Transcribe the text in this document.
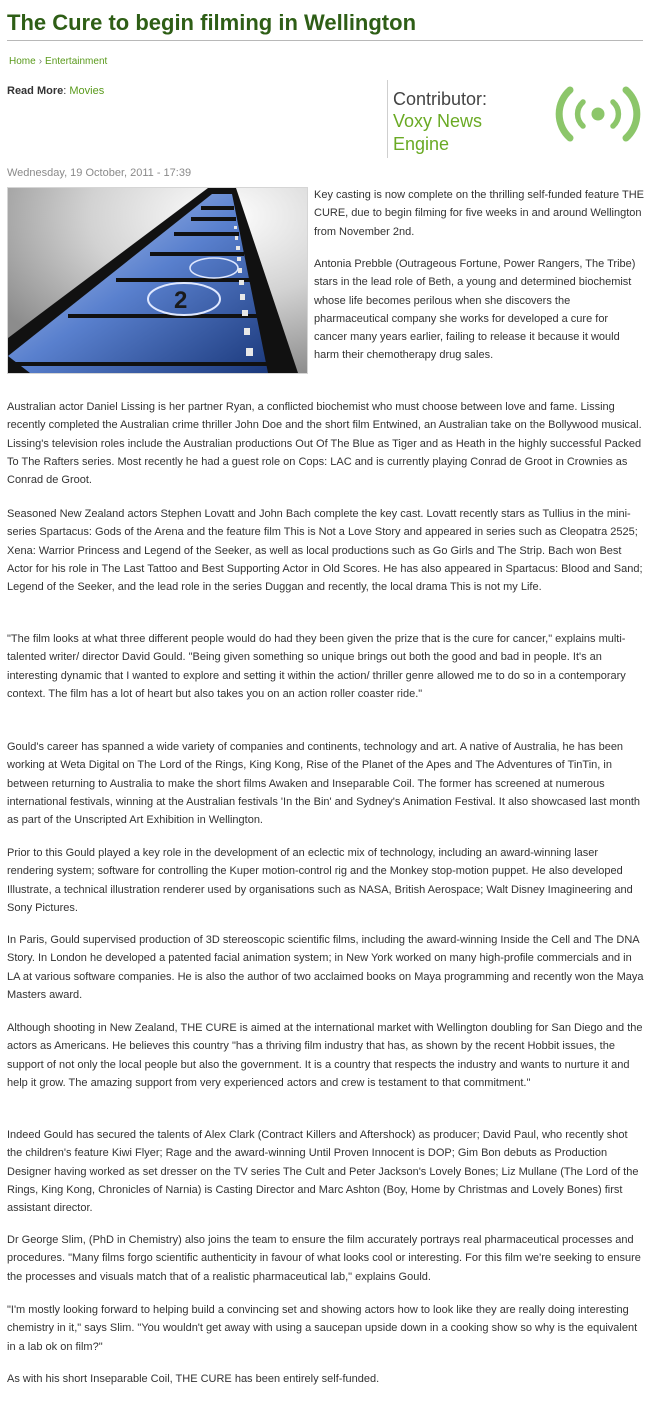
The Cure to begin filming in Wellington
Home › Entertainment
Read More: Movies	Contributor:
Voxy News Engine
Wednesday, 19 October, 2011 - 17:39
2

Key casting is now complete on the thrilling self-funded feature THE CURE, due to begin filming for five weeks in and around Wellington from November 2nd.

Antonia Prebble (Outrageous Fortune, Power Rangers, The Tribe) stars in the lead role of Beth, a young and determined biochemist whose life becomes perilous when she discovers the pharmaceutical company she works for developed a cure for cancer many years earlier, failing to release it because it would harm their chemotherapy drug sales.

Australian actor Daniel Lissing is her partner Ryan, a conflicted biochemist who must choose between love and fame. Lissing recently completed the Australian crime thriller John Doe and the short film Entwined, an Australian take on the Bollywood musical. Lissing's television roles include the Australian productions Out Of The Blue as Tiger and as Heath in the highly successful Packed To The Rafters series. Most recently he had a guest role on Cops: LAC and is currently playing Conrad de Groot in Crownies as Conrad de Groot.

Seasoned New Zealand actors Stephen Lovatt and John Bach complete the key cast. Lovatt recently stars as Tullius in the mini-series Spartacus: Gods of the Arena and the feature film This is Not a Love Story and appeared in series such as Cleopatra 2525; Xena: Warrior Princess and Legend of the Seeker, as well as local productions such as Go Girls and The Strip. Bach won Best Actor for his role in The Last Tattoo and Best Supporting Actor in Old Scores. He has also appeared in Spartacus: Blood and Sand; Legend of the Seeker, and the lead role in the series Duggan and recently, the local drama This is not my Life.

"The film looks at what three different people would do had they been given the prize that is the cure for cancer," explains multi-talented writer/ director David Gould. "Being given something so unique brings out both the good and bad in people. It's an interesting dynamic that I wanted to explore and setting it within the action/ thriller genre allowed me to do so in a contemporary context. The film has a lot of heart but also takes you on an action roller coaster ride."

Gould's career has spanned a wide variety of companies and continents, technology and art. A native of Australia, he has been working at Weta Digital on The Lord of the Rings, King Kong, Rise of the Planet of the Apes and The Adventures of TinTin, in between returning to Australia to make the short films Awaken and Inseparable Coil. The former has screened at numerous international festivals, winning at the Australian festivals 'In the Bin' and Sydney's Animation Festival. It also showcased last month as part of the Unscripted Art Exhibition in Wellington.

Prior to this Gould played a key role in the development of an eclectic mix of technology, including an award-winning laser rendering system; software for controlling the Kuper motion-control rig and the Monkey stop-motion puppet. He also developed Illustrate, a technical illustration renderer used by organisations such as NASA, British Aerospace; Walt Disney Imagineering and Sony Pictures.

In Paris, Gould supervised production of 3D stereoscopic scientific films, including the award-winning Inside the Cell and The DNA Story. In London he developed a patented facial animation system; in New York worked on many high-profile commercials and in LA at various software companies. He is also the author of two acclaimed books on Maya programming and recently won the Maya Masters award.

Although shooting in New Zealand, THE CURE is aimed at the international market with Wellington doubling for San Diego and the actors as Americans. He believes this country "has a thriving film industry that has, as shown by the recent Hobbit issues, the support of not only the local people but also the government. It is a country that respects the industry and wants to nurture it and help it grow. The amazing support from very experienced actors and crew is testament to that commitment."

Indeed Gould has secured the talents of Alex Clark (Contract Killers and Aftershock) as producer; David Paul, who recently shot the children's feature Kiwi Flyer; Rage and the award-winning Until Proven Innocent is DOP; Gim Bon debuts as Production Designer having worked as set dresser on the TV series The Cult and Peter Jackson's Lovely Bones; Liz Mullane (The Lord of the Rings, King Kong, Chronicles of Narnia) is Casting Director and Marc Ashton (Boy, Home by Christmas and Lovely Bones) first assistant director.

Dr George Slim, (PhD in Chemistry) also joins the team to ensure the film accurately portrays real pharmaceutical processes and procedures. "Many films forgo scientific authenticity in favour of what looks cool or interesting. For this film we're seeking to ensure the processes and visuals match that of a realistic pharmaceutical lab," explains Gould.

"I'm mostly looking forward to helping build a convincing set and showing actors how to look like they are really doing interesting chemistry in it," says Slim. "You wouldn't get away with using a saucepan upside down in a cooking show so why is the equivalent in a lab ok on film?"

As with his short Inseparable Coil, THE CURE has been entirely self-funded.
